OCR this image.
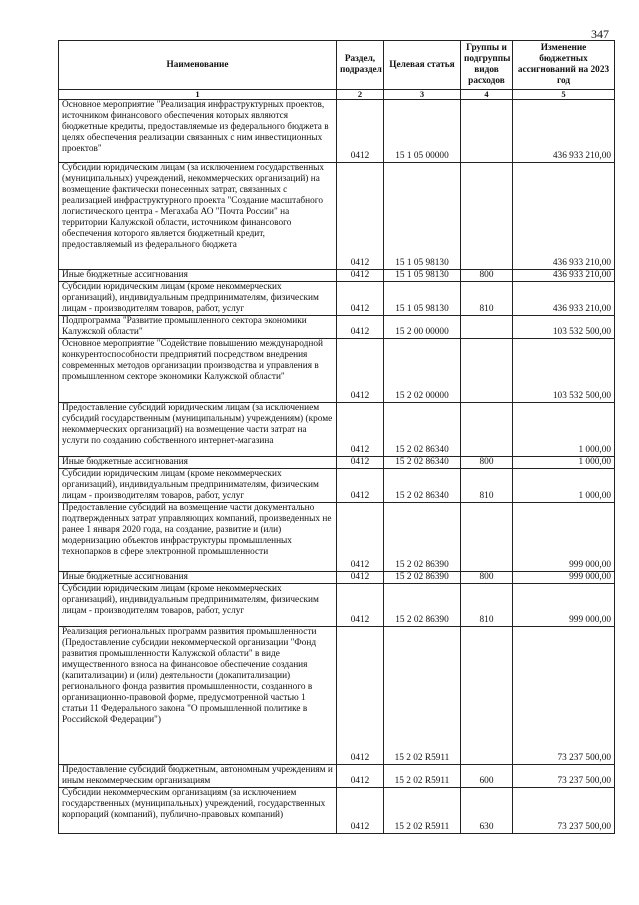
347
Наименование	Раздел, подраздел	Целевая статья	Группы и подгруппы видов расходов	Изменение бюджетных ассигнований на 2023 год
1	2	3	4	5
Основное мероприятие "Реализация инфраструктурных проектов, источником финансового обеспечения которых являются бюджетные кредиты, предоставляемые из федерального бюджета в целях обеспечения реализации связанных с ним инвестиционных проектов"	0412	15 1 05 00000		436 933 210,00
Субсидии юридическим лицам (за исключением государственных (муниципальных) учреждений, некоммерческих организаций) на возмещение фактически понесенных затрат, связанных с реализацией инфраструктурного проекта "Создание масштабного логистического центра - Мегахаба АО "Почта России" на территории Калужской области, источником финансового обеспечения которого является бюджетный кредит, предоставляемый из федерального бюджета	0412	15 1 05 98130		436 933 210,00
Иные бюджетные ассигнования	0412	15 1 05 98130	800	436 933 210,00
Субсидии юридическим лицам (кроме некоммерческих организаций), индивидуальным предпринимателям, физическим лицам - производителям товаров, работ, услуг	0412	15 1 05 98130	810	436 933 210,00
Подпрограмма "Развитие промышленного сектора экономики Калужской области"	0412	15 2 00 00000		103 532 500,00
Основное мероприятие "Содействие повышению международной конкурентоспособности предприятий посредством внедрения современных методов организации производства и управления в промышленном секторе экономики Калужской области"	0412	15 2 02 00000		103 532 500,00
Предоставление субсидий юридическим лицам (за исключением субсидий государственным (муниципальным) учреждениям) (кроме некоммерческих организаций) на возмещение части затрат на услуги по созданию собственного интернет-магазина	0412	15 2 02 86340		1 000,00
Иные бюджетные ассигнования	0412	15 2 02 86340	800	1 000,00
Субсидии юридическим лицам (кроме некоммерческих организаций), индивидуальным предпринимателям, физическим лицам - производителям товаров, работ, услуг	0412	15 2 02 86340	810	1 000,00
Предоставление субсидий на возмещение части документально подтвержденных затрат управляющих компаний, произведенных не ранее 1 января 2020 года, на создание, развитие и (или) модернизацию объектов инфраструктуры промышленных технопарков в сфере электронной промышленности	0412	15 2 02 86390		999 000,00
Иные бюджетные ассигнования	0412	15 2 02 86390	800	999 000,00
Субсидии юридическим лицам (кроме некоммерческих организаций), индивидуальным предпринимателям, физическим лицам - производителям товаров, работ, услуг	0412	15 2 02 86390	810	999 000,00
Реализация региональных программ развития промышленности (Предоставление субсидии некоммерческой организации "Фонд развития промышленности Калужской области" в виде имущественного взноса на финансовое обеспечение создания (капитализации) и (или) деятельности (докапитализации) регионального фонда развития промышленности, созданного в организационно-правовой форме, предусмотренной частью 1 статьи 11 Федерального закона "О промышленной политике в Российской Федерации")	0412	15 2 02 R5911		73 237 500,00
Предоставление субсидий бюджетным, автономным учреждениям и иным некоммерческим организациям	0412	15 2 02 R5911	600	73 237 500,00
Субсидии некоммерческим организациям (за исключением государственных (муниципальных) учреждений, государственных корпораций (компаний), публично-правовых компаний)	0412	15 2 02 R5911	630	73 237 500,00
